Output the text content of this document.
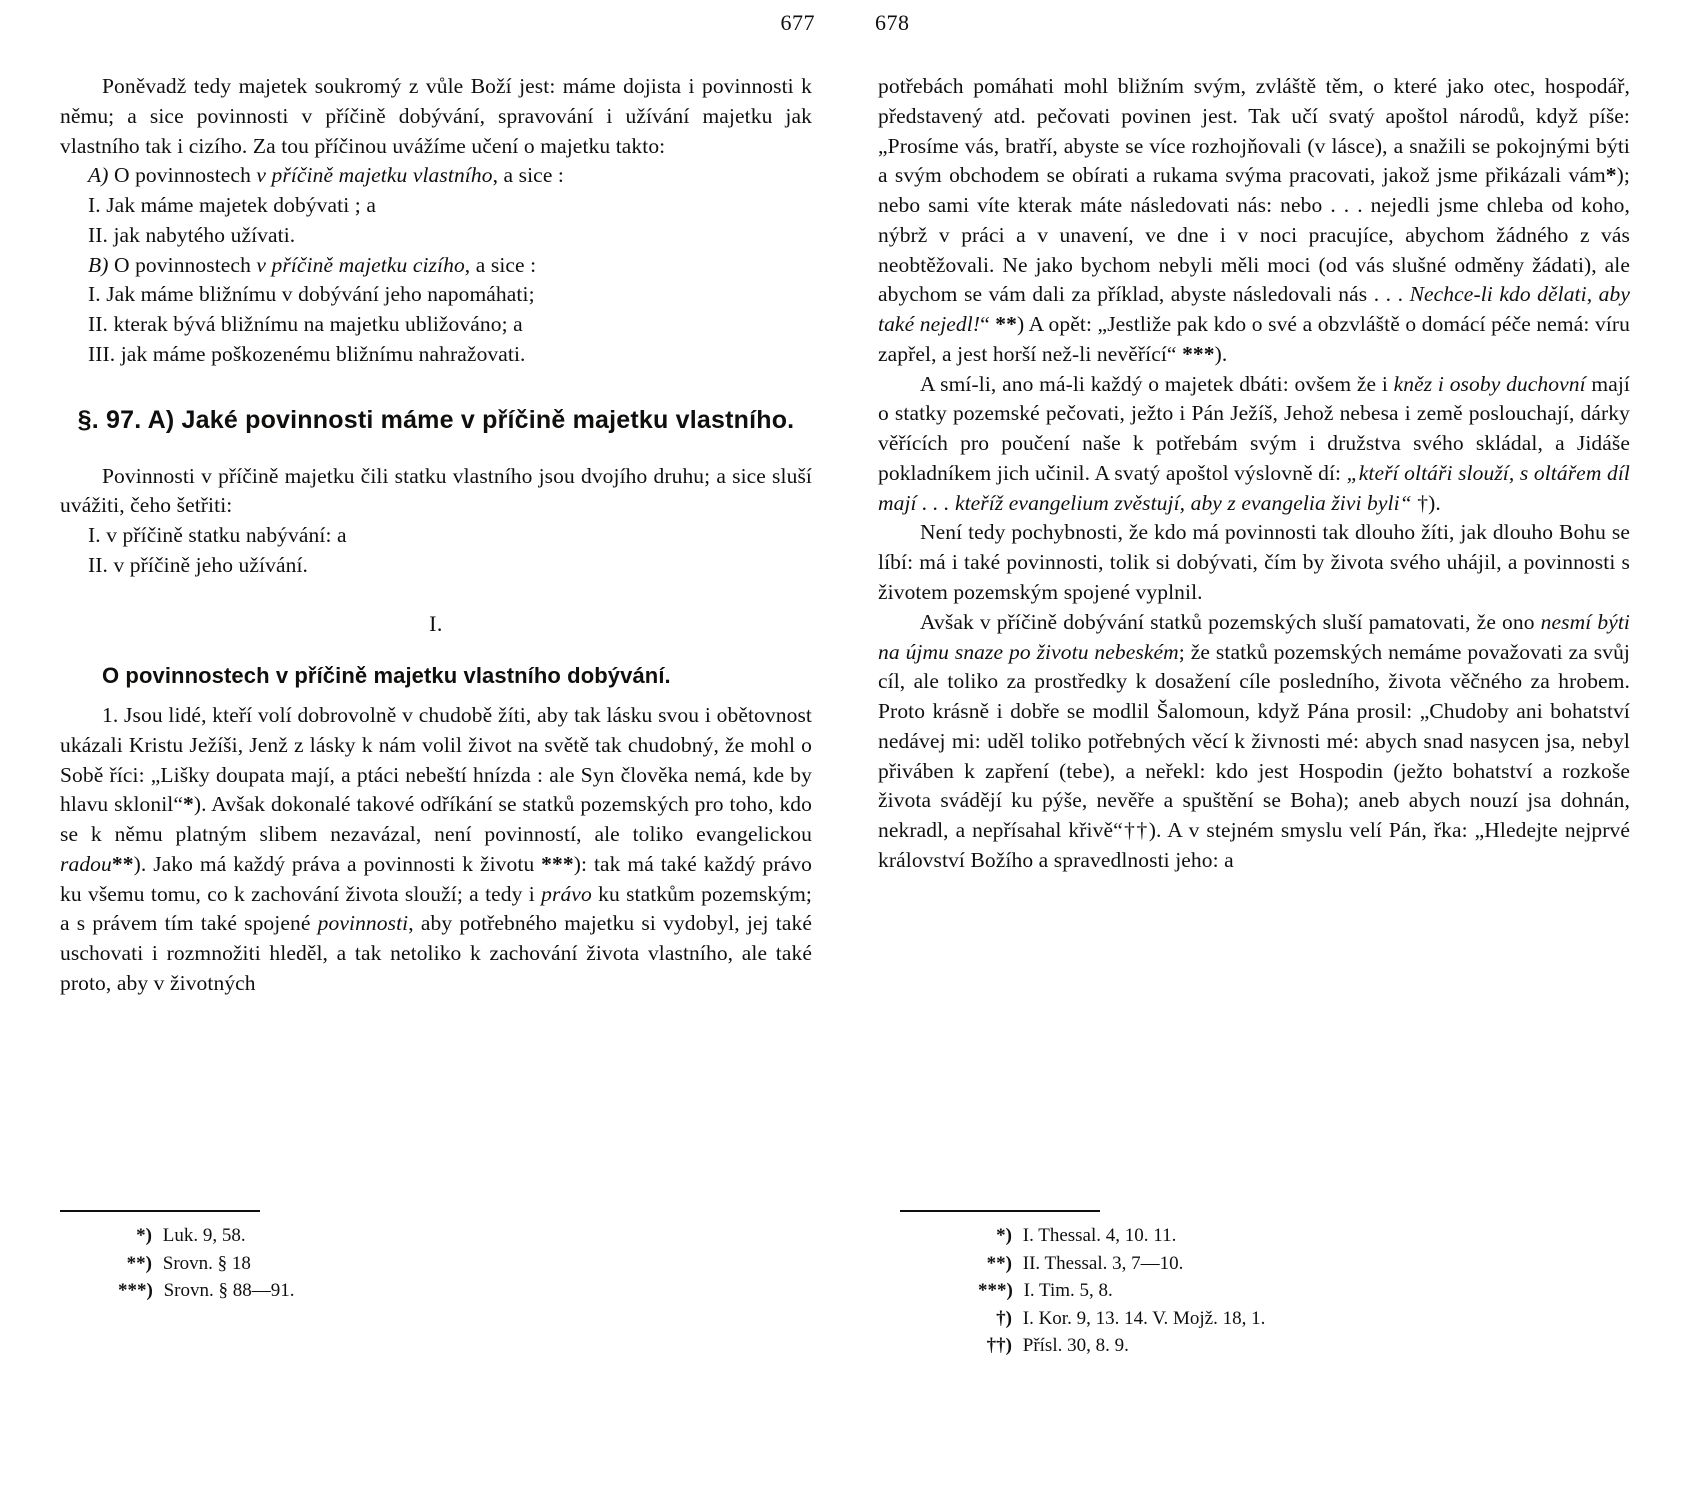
677	678

Poněvadž tedy majetek soukromý z vůle Boží jest: máme dojista i povinnosti k němu; a sice povinnosti v příčině dobývání, spravování i užívání majetku jak vlastního tak i cizího. Za tou příčinou uvážíme učení o majetku takto:

A) O povinnostech v příčině majetku vlastního, a sice :

I. Jak máme majetek dobývati ; a

II. jak nabytého užívati.

B) O povinnostech v příčině majetku cizího, a sice :

I. Jak máme bližnímu v dobývání jeho napomáhati;

II. kterak bývá bližnímu na majetku ubližováno; a

III. jak máme poškozenému bližnímu nahražovati.

§. 97. A) Jaké povinnosti máme v příčině majetku vlastního.

Povinnosti v příčině majetku čili statku vlastního jsou dvojího druhu; a sice sluší uvážiti, čeho šetřiti:

I. v příčině statku nabývání: a

II. v příčině jeho užívání.

I.
O povinnostech v příčině majetku vlastního dobývání.

1. Jsou lidé, kteří volí dobrovolně v chudobě žíti, aby tak lásku svou i obětovnost ukázali Kristu Ježíši, Jenž z lásky k nám volil život na světě tak chudobný, že mohl o Sobě říci: „Lišky doupata mají, a ptáci nebeští hnízda : ale Syn člověka nemá, kde by hlavu sklonil“*). Avšak dokonalé takové odříkání se statků pozemských pro toho, kdo se k němu platným slibem nezavázal, není povinností, ale toliko evangelickou radou**). Jako má každý práva a povinnosti k životu ***): tak má také každý právo ku všemu tomu, co k zachování života slouží; a tedy i právo ku statkům pozemským; a s právem tím také spojené povinnosti, aby potřebného majetku si vydobyl, jej také uschovati i rozmnožiti hleděl, a tak netoliko k zachování života vlastního, ale také proto, aby v životných

*) Luk. 9, 58.
**) Srovn. § 18
***) Srovn. § 88—91.

potřebách pomáhati mohl bližním svým, zvláště těm, o které jako otec, hospodář, představený atd. pečovati povinen jest. Tak učí svatý apoštol národů, když píše: „Prosíme vás, bratří, abyste se více rozhojňovali (v lásce), a snažili se pokojnými býti a svým obchodem se obírati a rukama svýma pracovati, jakož jsme přikázali vám*); nebo sami víte kterak máte následovati nás: nebo . . . nejedli jsme chleba od koho, nýbrž v práci a v unavení, ve dne i v noci pracujíce, abychom žádného z vás neobtěžovali. Ne jako bychom nebyli měli moci (od vás slušné odměny žádati), ale abychom se vám dali za příklad, abyste následovali nás . . . Nechce-li kdo dělati, aby také nejedl!“ **) A opět: „Jestliže pak kdo o své a obzvláště o domácí péče nemá: víru zapřel, a jest horší než-li nevěřící“ ***).

A smí-li, ano má-li každý o majetek dbáti: ovšem že i kněz i osoby duchovní mají o statky pozemské pečovati, ježto i Pán Ježíš, Jehož nebesa i země poslouchají, dárky věřících pro poučení naše k potřebám svým i družstva svého skládal, a Jidáše pokladníkem jich učinil. A svatý apoštol výslovně dí: „kteří oltáři slouží, s oltářem díl mají . . . kteříž evangelium zvěstují, aby z evangelia živi byli“ †).

Není tedy pochybnosti, že kdo má povinnosti tak dlouho žíti, jak dlouho Bohu se líbí: má i také povinnosti, tolik si dobývati, čím by života svého uhájil, a povinnosti s životem pozemským spojené vyplnil.

Avšak v příčině dobývání statků pozemských sluší pamatovati, že ono nesmí býti na újmu snaze po životu nebeském; že statků pozemských nemáme považovati za svůj cíl, ale toliko za prostředky k dosažení cíle posledního, života věčného za hrobem. Proto krásně i dobře se modlil Šalomoun, když Pána prosil: „Chudoby ani bohatství nedávej mi: uděl toliko potřebných věcí k živnosti mé: abych snad nasycen jsa, nebyl přiváben k zapření (tebe), a neřekl: kdo jest Hospodin (ježto bohatství a rozkoše života svádějí ku pýše, nevěře a spuštění se Boha); aneb abych nouzí jsa dohnán, nekradl, a nepřísahal křivě“††). A v stejném smyslu velí Pán, řka: „Hledejte nejprvé království Božího a spravedlnosti jeho: a

*) I. Thessal. 4, 10. 11.
**) II. Thessal. 3, 7—10.
***) I. Tim. 5, 8.
†) I. Kor. 9, 13. 14. V. Mojž. 18, 1.
††) Přísl. 30, 8. 9.
